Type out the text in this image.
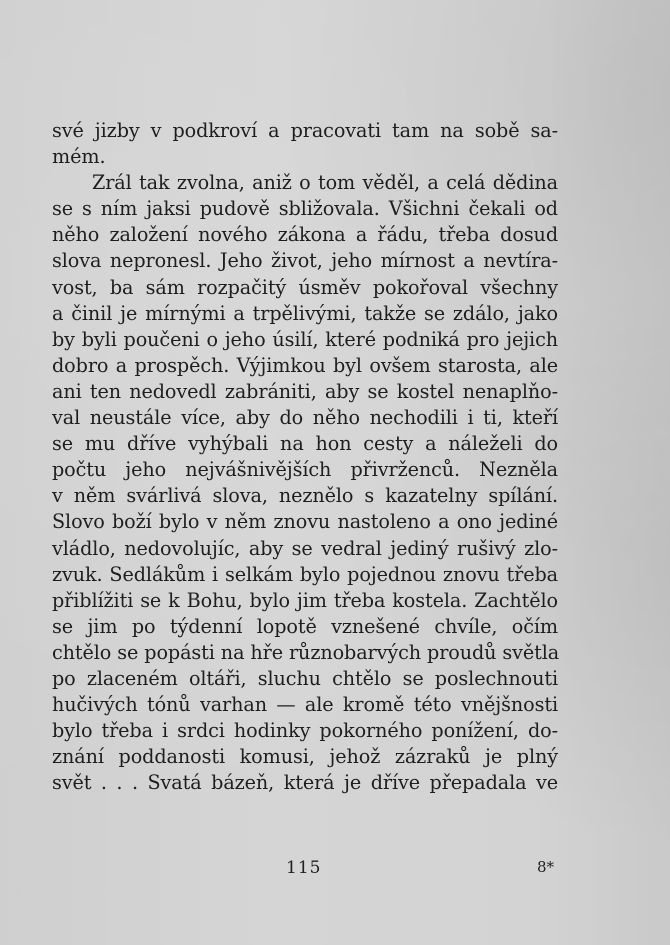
své jizby v podkroví a pracovati tam na sobě sa-
mém.
Zrál tak zvolna, aniž o tom věděl, a celá dědina
se s ním jaksi pudově sbližovala. Všichni čekali od
něho založení nového zákona a řádu, třeba dosud
slova nepronesl. Jeho život, jeho mírnost a nevtíra-
vost, ba sám rozpačitý úsměv pokořoval všechny
a činil je mírnými a trpělivými, takže se zdálo, jako
by byli poučeni o jeho úsilí, které podniká pro jejich
dobro a prospěch. Výjimkou byl ovšem starosta, ale
ani ten nedovedl zabrániti, aby se kostel nenaplňo-
val neustále více, aby do něho nechodili i ti, kteří
se mu dříve vyhýbali na hon cesty a náleželi do
počtu jeho nejvášnivějších přivrženců. Nezněla
v něm svárlivá slova, neznělo s kazatelny spílání.
Slovo boží bylo v něm znovu nastoleno a ono jediné
vládlo, nedovolujíc, aby se vedral jediný rušivý zlo-
zvuk. Sedlákům i selkám bylo pojednou znovu třeba
přiblížiti se k Bohu, bylo jim třeba kostela. Zachtělo
se jim po týdenní lopotě vznešené chvíle, očím
chtělo se popásti na hře různobarvých proudů světla
po zlaceném oltáři, sluchu chtělo se poslechnouti
hučivých tónů varhan — ale kromě této vnějšnosti
bylo třeba i srdci hodinky pokorného ponížení, do-
znání poddanosti komusi, jehož zázraků je plný
svět . . . Svatá bázeň, která je dříve přepadala ve
115	8*
